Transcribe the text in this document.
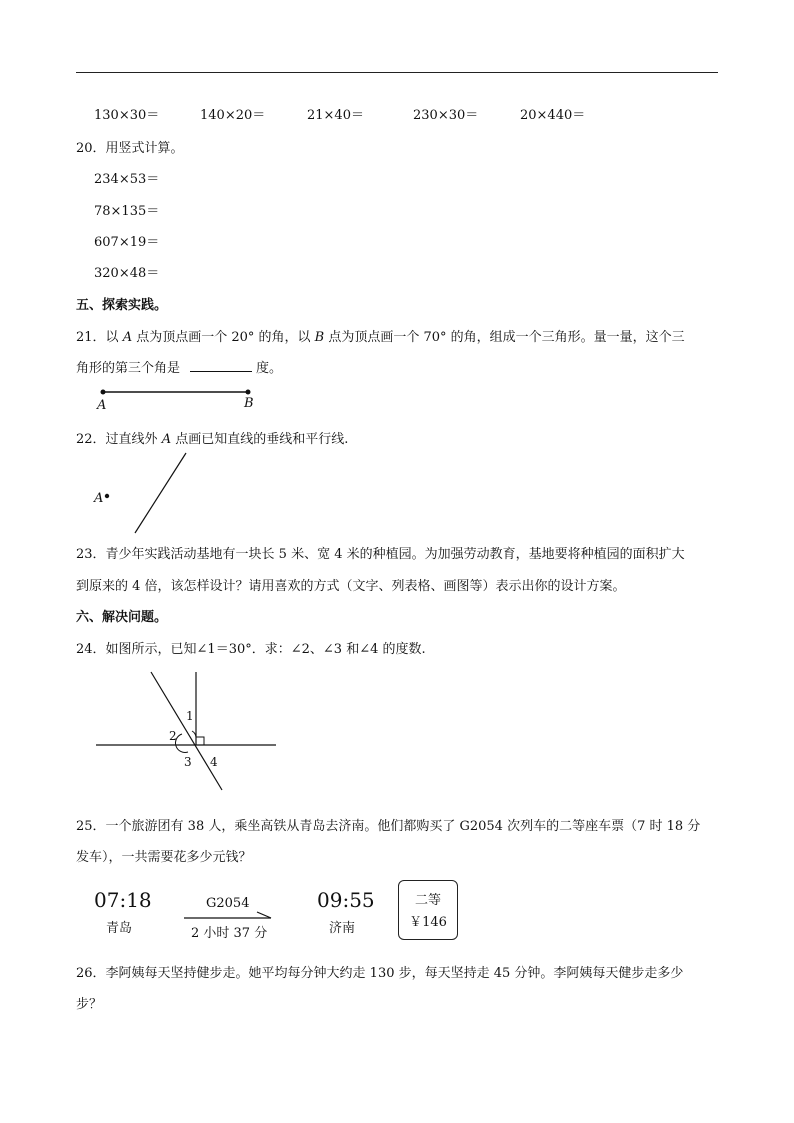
130×30＝	140×20＝	21×40＝	230×30＝	20×440＝
20．用竖式计算。
234×53＝
78×135＝
607×19＝
320×48＝
五、探索实践。
21．以 A 点为顶点画一个 20° 的角，以 B 点为顶点画一个 70° 的角，组成一个三角形。量一量，这个三
角形的第三个角是	度。
A	B
22．过直线外 A 点画已知直线的垂线和平行线.
A
23．青少年实践活动基地有一块长 5 米、宽 4 米的种植园。为加强劳动教育，基地要将种植园的面积扩大
到原来的 4 倍，该怎样设计？请用喜欢的方式（文字、列表格、画图等）表示出你的设计方案。
六、解决问题。
24．如图所示，已知∠1＝30°．求：∠2、∠3 和∠4 的度数.
1
2
3 4
25．一个旅游团有 38 人，乘坐高铁从青岛去济南。他们都购买了 G2054 次列车的二等座车票（7 时 18 分
发车），一共需要花多少元钱？
07:18
青岛
G2054
2 小时 37 分
09:55
济南
二等
￥146
26．李阿姨每天坚持健步走。她平均每分钟大约走 130 步，每天坚持走 45 分钟。李阿姨每天健步走多少
步？
